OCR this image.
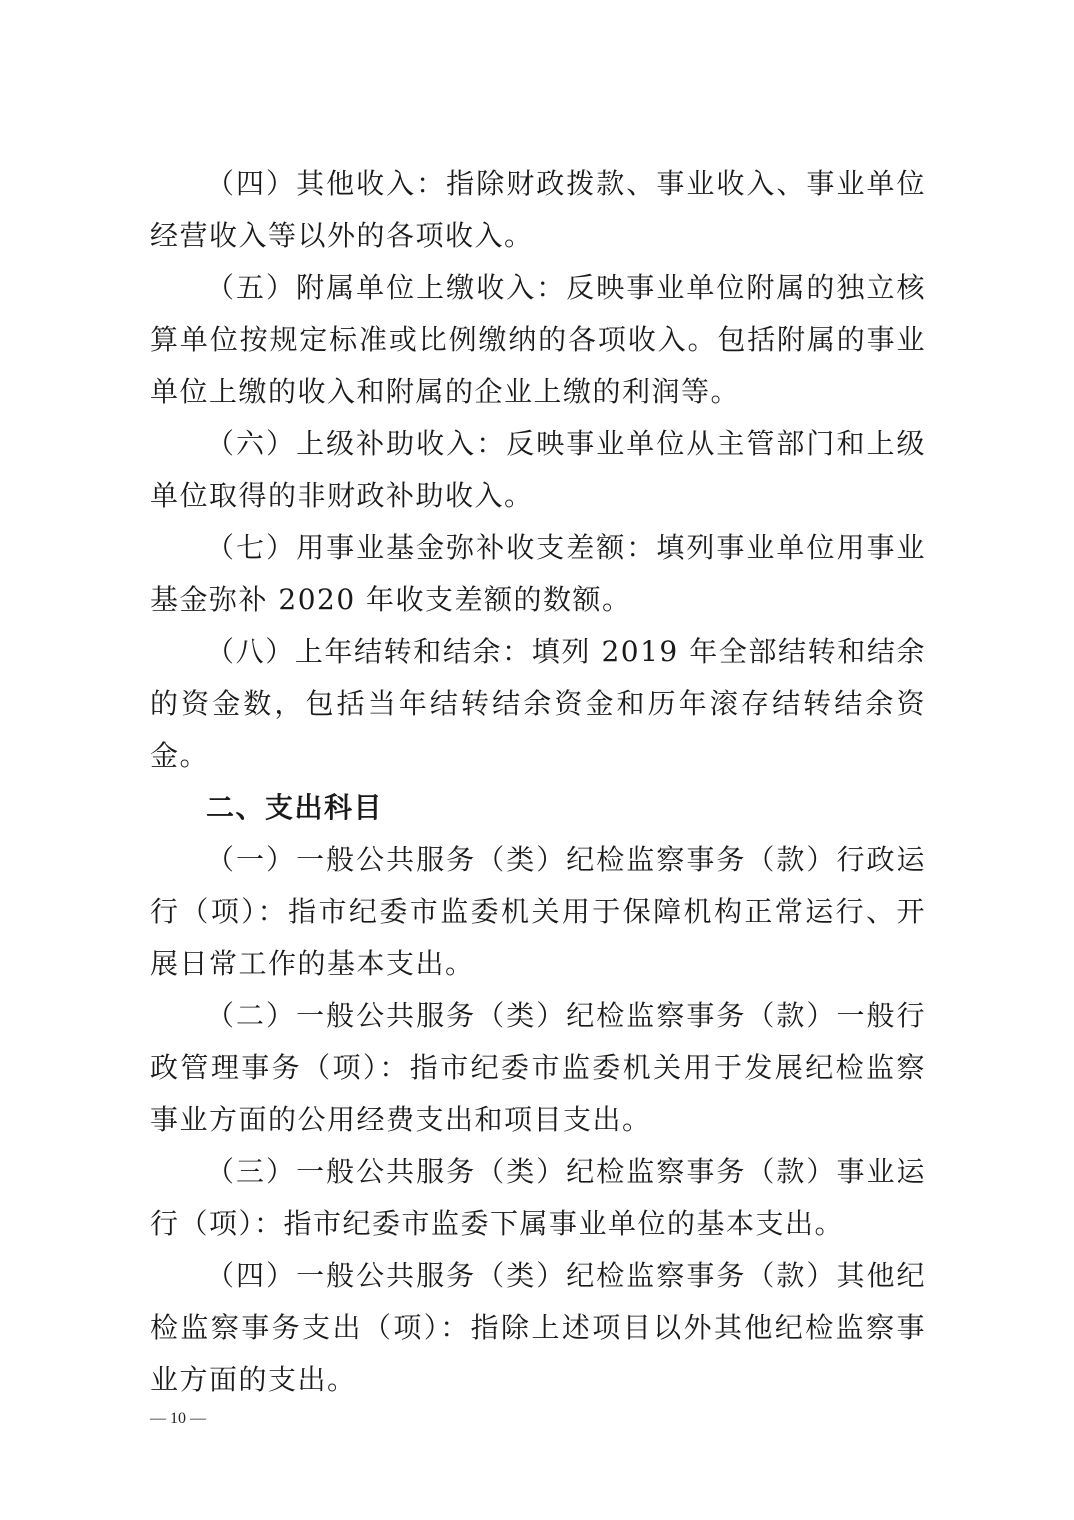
（四）其他收入：指除财政拨款、事业收入、事业单位经营收入等以外的各项收入。

（五）附属单位上缴收入：反映事业单位附属的独立核算单位按规定标准或比例缴纳的各项收入。包括附属的事业单位上缴的收入和附属的企业上缴的利润等。

（六）上级补助收入：反映事业单位从主管部门和上级单位取得的非财政补助收入。

（七）用事业基金弥补收支差额：填列事业单位用事业基金弥补 2020 年收支差额的数额。

（八）上年结转和结余：填列 2019 年全部结转和结余的资金数，包括当年结转结余资金和历年滚存结转结余资金。

二、支出科目

（一）一般公共服务（类）纪检监察事务（款）行政运行（项）：指市纪委市监委机关用于保障机构正常运行、开展日常工作的基本支出。

（二）一般公共服务（类）纪检监察事务（款）一般行政管理事务（项）：指市纪委市监委机关用于发展纪检监察事业方面的公用经费支出和项目支出。

（三）一般公共服务（类）纪检监察事务（款）事业运行（项）：指市纪委市监委下属事业单位的基本支出。

（四）一般公共服务（类）纪检监察事务（款）其他纪检监察事务支出（项）：指除上述项目以外其他纪检监察事业方面的支出。

— 10 —
